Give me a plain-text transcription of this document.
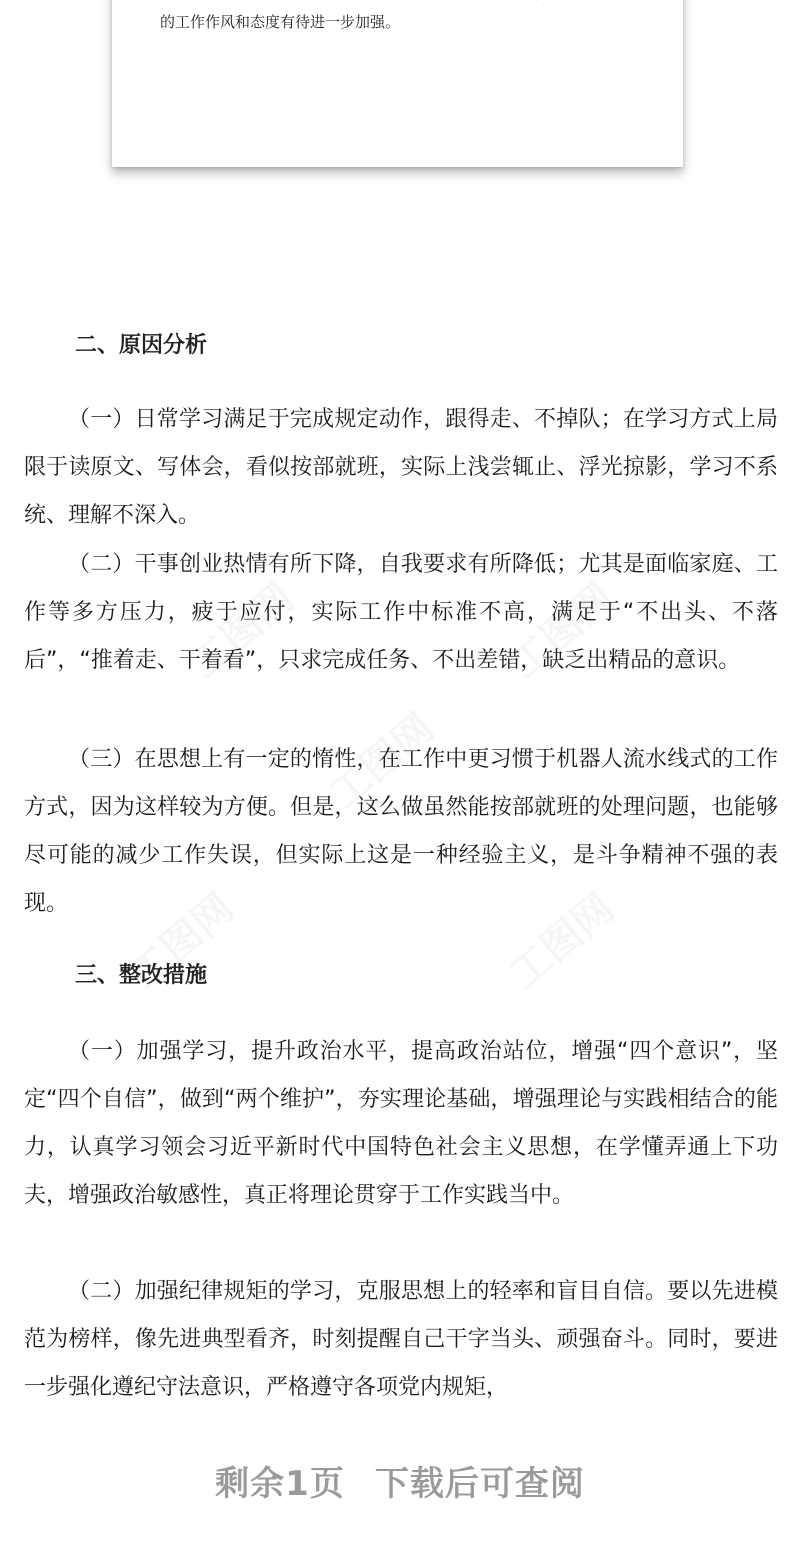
的工作作风和态度有待进一步加强。

二、原因分析

（一）日常学习满足于完成规定动作，跟得走、不掉队；在学习方式上局限于读原文、写体会，看似按部就班，实际上浅尝辄止、浮光掠影，学习不系统、理解不深入。

（二）干事创业热情有所下降，自我要求有所降低；尤其是面临家庭、工作等多方压力，疲于应付，实际工作中标准不高，满足于“不出头、不落后”，“推着走、干着看”，只求完成任务、不出差错，缺乏出精品的意识。

（三）在思想上有一定的惰性，在工作中更习惯于机器人流水线式的工作方式，因为这样较为方便。但是，这么做虽然能按部就班的处理问题，也能够尽可能的减少工作失误，但实际上这是一种经验主义，是斗争精神不强的表现。

三、整改措施

（一）加强学习，提升政治水平，提高政治站位，增强“四个意识”，坚定“四个自信”，做到“两个维护”，夯实理论基础，增强理论与实践相结合的能力，认真学习领会习近平新时代中国特色社会主义思想，在学懂弄通上下功夫，增强政治敏感性，真正将理论贯穿于工作实践当中。

（二）加强纪律规矩的学习，克服思想上的轻率和盲目自信。要以先进模范为榜样，像先进典型看齐，时刻提醒自己干字当头、顽强奋斗。同时，要进一步强化遵纪守法意识，严格遵守各项党内规矩，

剩余1页 下载后可查阅
